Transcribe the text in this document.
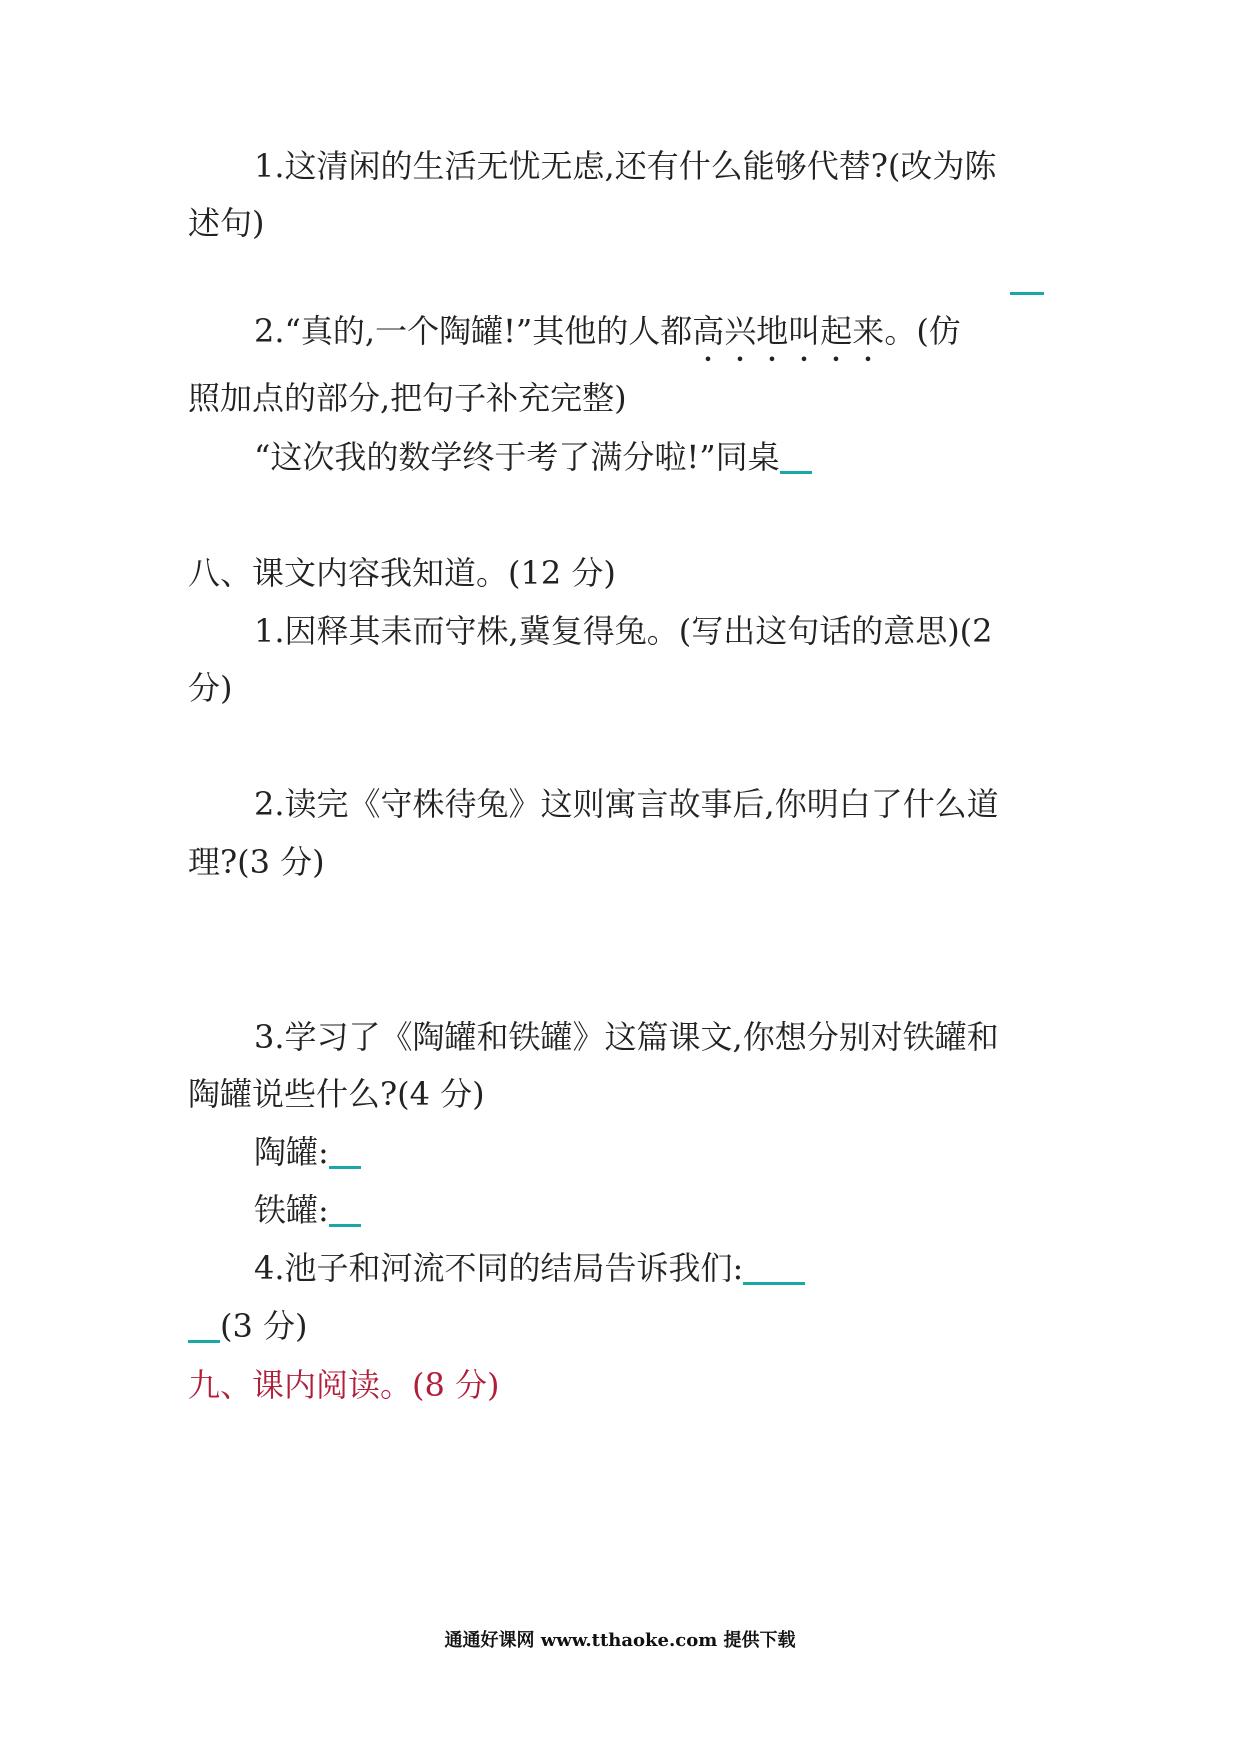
1.这清闲的生活无忧无虑,还有什么能够代替?(改为陈

述句)

2.“真的,一个陶罐!”其他的人都高兴地叫起来。(仿

照加点的部分,把句子补充完整)

“这次我的数学终于考了满分啦!”同桌

八、课文内容我知道。(12 分)

1.因释其耒而守株,冀复得兔。(写出这句话的意思)(2

分)

2.读完《守株待兔》这则寓言故事后,你明白了什么道

理?(3 分)

3.学习了《陶罐和铁罐》这篇课文,你想分别对铁罐和

陶罐说些什么?(4 分)

陶罐:

铁罐:

4.池子和河流不同的结局告诉我们:

(3 分)

九、课内阅读。(8 分)

通通好课网 www.tthaoke.com 提供下载
